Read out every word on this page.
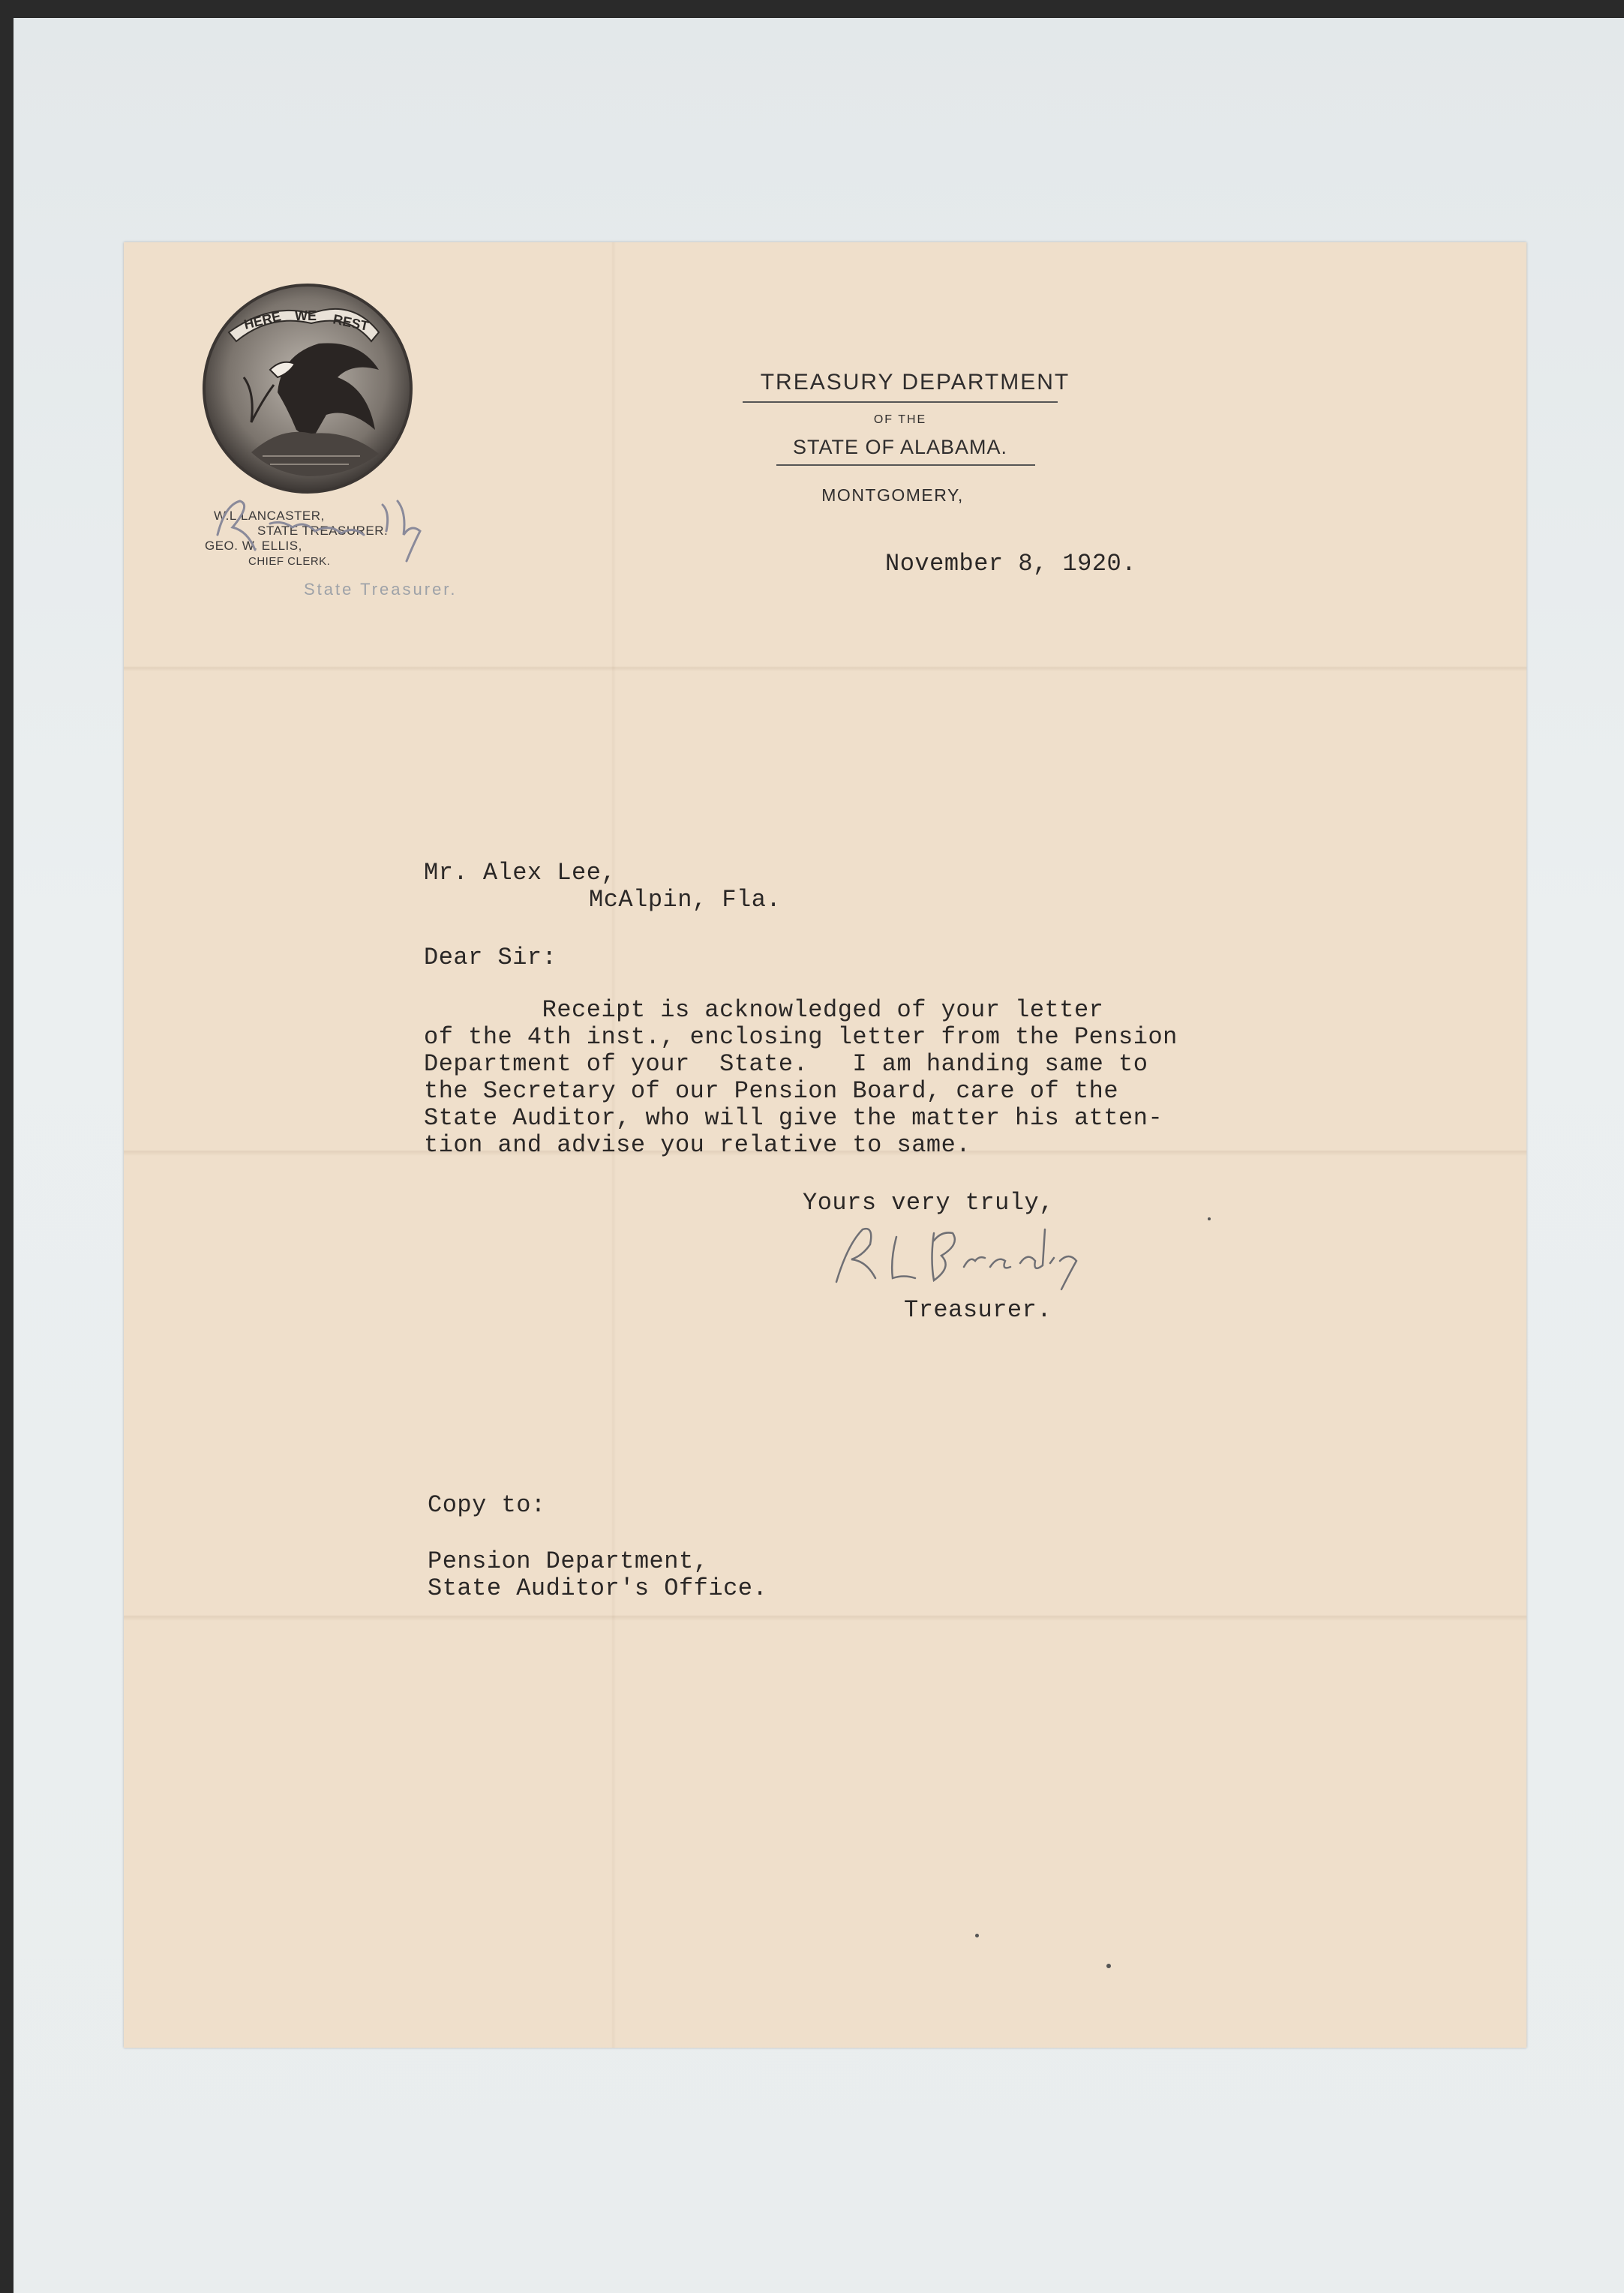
HERE WE REST
W.L.LANCASTER,
STATE TREASURER.
GEO. W. ELLIS,
CHIEF CLERK.
State Treasurer.
TREASURY DEPARTMENT
OF THE
STATE OF ALABAMA.
MONTGOMERY,
November 8, 1920.
Mr. Alex Lee,
McAlpin, Fla.
Dear Sir:
Receipt is acknowledged of your letter
of the 4th inst., enclosing letter from the Pension
Department of your  State.   I am handing same to
the Secretary of our Pension Board, care of the
State Auditor, who will give the matter his atten-
tion and advise you relative to same.
Yours very truly,
Treasurer.
Copy to:
Pension Department,
State Auditor's Office.
